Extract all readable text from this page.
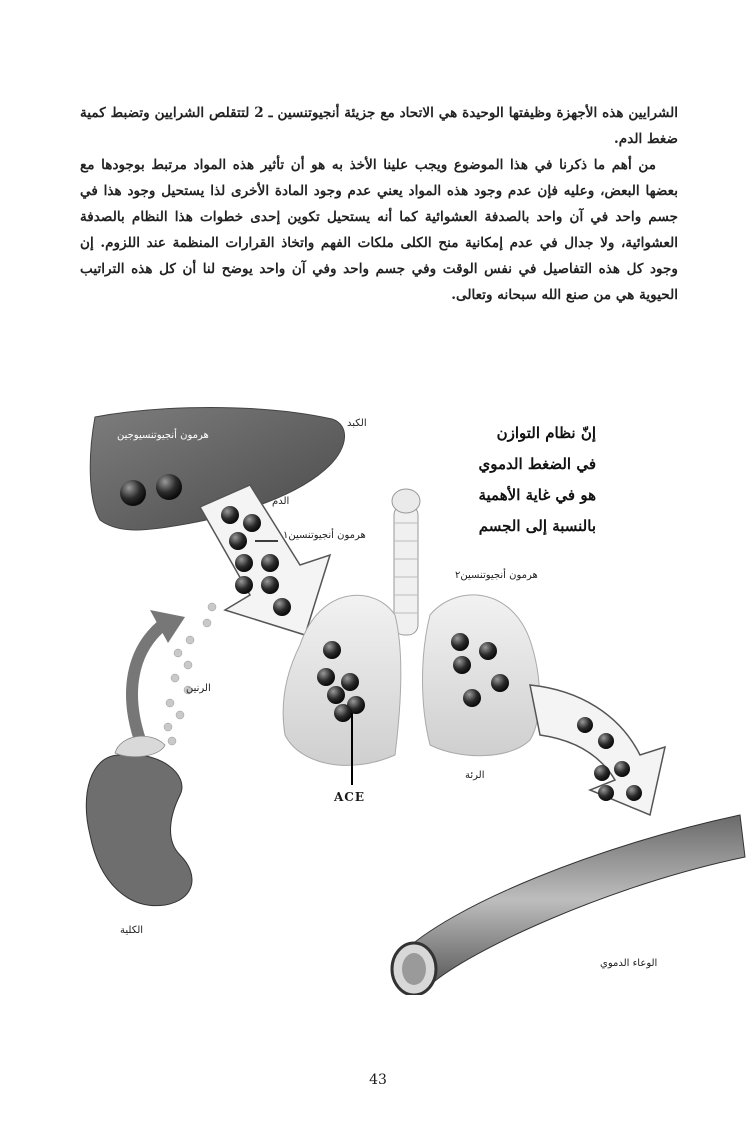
الشرايين هذه الأجهزة وظيفتها الوحيدة هي الاتحاد مع جزيئة أنجيوتنسين ـ 2 لتتقلص الشرايين وتضبط كمية ضغط الدم.

من أهم ما ذكرنا في هذا الموضوع ويجب علينا الأخذ به هو أن تأثير هذه المواد مرتبط بوجودها مع بعضها البعض، وعليه فإن عدم وجود هذه المواد يعني عدم وجود المادة الأخرى لذا يستحيل وجود هذا في جسم واحد في آن واحد بالصدفة العشوائية كما أنه يستحيل تكوين إحدى خطوات هذا النظام بالصدفة العشوائية، ولا جدال في عدم إمكانية منح الكلى ملكات الفهم واتخاذ القرارات المنظمة عند اللزوم. إن وجود كل هذه التفاصيل في نفس الوقت وفي جسم واحد وفي آن واحد يوضح لنا أن كل هذه التراتيب الحيوية هي من صنع الله سبحانه وتعالى.

إنّ نظام التوازن
في الضغط الدموي
هو في غاية الأهمية
بالنسبة إلى الجسم
الكبد
هرمون أنجيوتنسيوجين
الدم
هرمون أنجيوتنسين١
هرمون أنجيوتنسين٢
الرنين
الرئة
ACE
الكلية
الوعاء الدموي
43
